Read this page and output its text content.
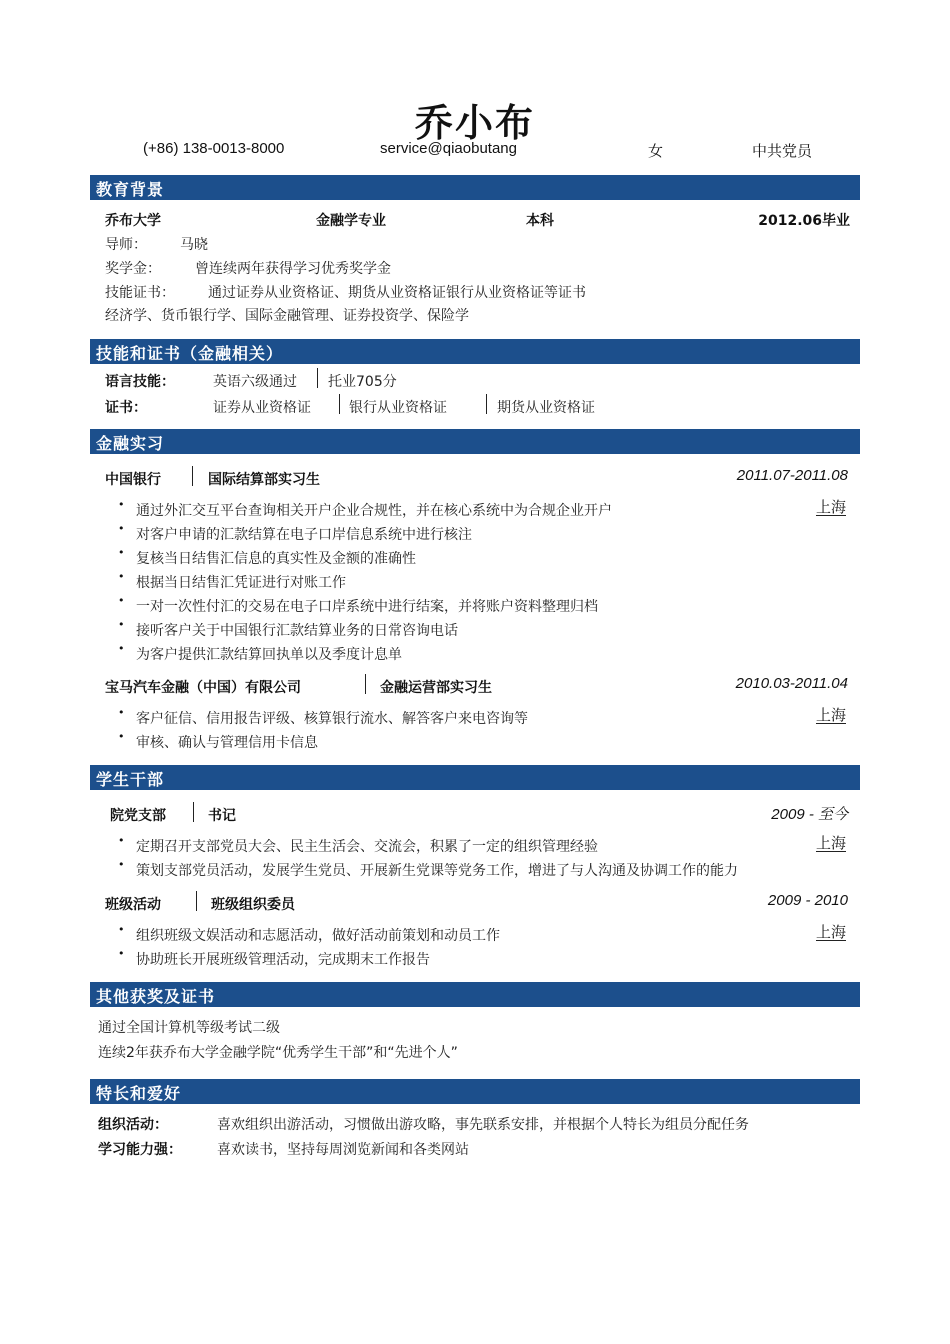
乔小布
(+86) 138-0013-8000	service@qiaobutang	女	中共党员
教育背景
乔布大学	金融学专业	本科	2012.06毕业
导师： 马晓
奖学金： 曾连续两年获得学习优秀奖学金
技能证书： 通过证券从业资格证、期货从业资格证银行从业资格证等证书
经济学、货币银行学、国际金融管理、证券投资学、保险学
技能和证书（金融相关）
语言技能：	英语六级通过 托业705分
证书：	证券从业资格证	银行从业资格证	期货从业资格证
金融实习
中国银行	国际结算部实习生	2011.07-2011.08
上海
• 通过外汇交互平台查询相关开户企业合规性，并在核心系统中为合规企业开户
• 对客户申请的汇款结算在电子口岸信息系统中进行核注
• 复核当日结售汇信息的真实性及金额的准确性
• 根据当日结售汇凭证进行对账工作
• 一对一次性付汇的交易在电子口岸系统中进行结案，并将账户资料整理归档
• 接听客户关于中国银行汇款结算业务的日常咨询电话
• 为客户提供汇款结算回执单以及季度计息单
宝马汽车金融（中国）有限公司	金融运营部实习生	2010.03-2011.04
上海
• 客户征信、信用报告评级、核算银行流水、解答客户来电咨询等
• 审核、确认与管理信用卡信息
学生干部
院党支部	书记	2009 - 至今
上海
• 定期召开支部党员大会、民主生活会、交流会，积累了一定的组织管理经验
• 策划支部党员活动，发展学生党员、开展新生党课等党务工作，增进了与人沟通及协调工作的能力
班级活动	班级组织委员	2009 - 2010
上海
• 组织班级文娱活动和志愿活动，做好活动前策划和动员工作
• 协助班长开展班级管理活动，完成期末工作报告
其他获奖及证书
通过全国计算机等级考试二级
连续2年获乔布大学金融学院“优秀学生干部”和“先进个人”
特长和爱好
组织活动：	喜欢组织出游活动，习惯做出游攻略，事先联系安排，并根据个人特长为组员分配任务
学习能力强：	喜欢读书，坚持每周浏览新闻和各类网站
